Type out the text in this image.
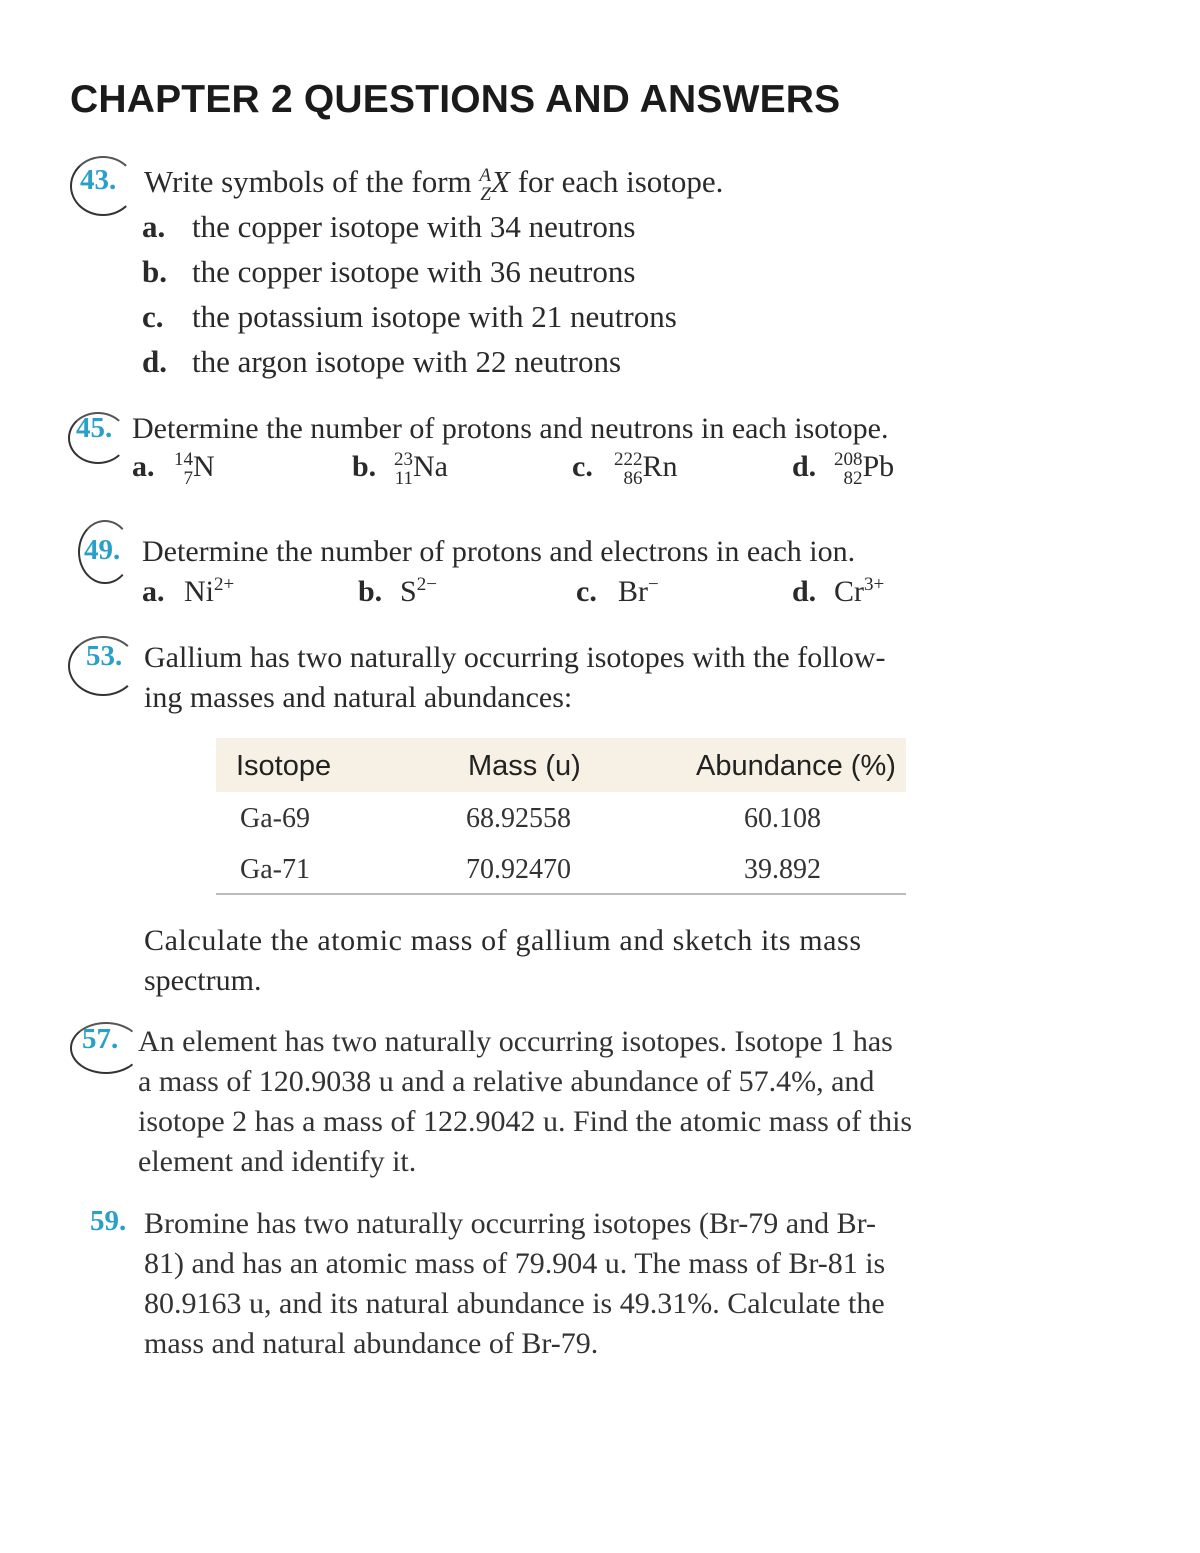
CHAPTER 2 QUESTIONS AND ANSWERS
43. Write symbols of the form A
Z X for each isotope.
a. the copper isotope with 34 neutrons
b. the copper isotope with 36 neutrons
c. the potassium isotope with 21 neutrons
d. the argon isotope with 22 neutrons
45. Determine the number of protons and neutrons in each isotope.
a. 14
7 N	b. 23
11 Na	c. 222
86 Rn	d. 208
82 Pb
49. Determine the number of protons and electrons in each ion.
a. $Ni^{2+}$	b. $S^{2-}$	c. Br−	d. $Cr^{3+}$
53. Gallium has two naturally occurring isotopes with the follow-
ing masses and natural abundances:
Isotope	Mass (u)	Abundance (%)
Ga-69	68.92558	60.108
Ga-71	70.92470	39.892
Calculate the atomic mass of gallium and sketch its mass
spectrum.
57. An element has two naturally occurring isotopes. Isotope 1 has
a mass of 120.9038 u and a relative abundance of 57.4%, and
isotope 2 has a mass of 122.9042 u. Find the atomic mass of this
element and identify it.
59. Bromine has two naturally occurring isotopes (Br-79 and Br-
81) and has an atomic mass of 79.904 u. The mass of Br-81 is
80.9163 u, and its natural abundance is 49.31%. Calculate the
mass and natural abundance of Br-79.
